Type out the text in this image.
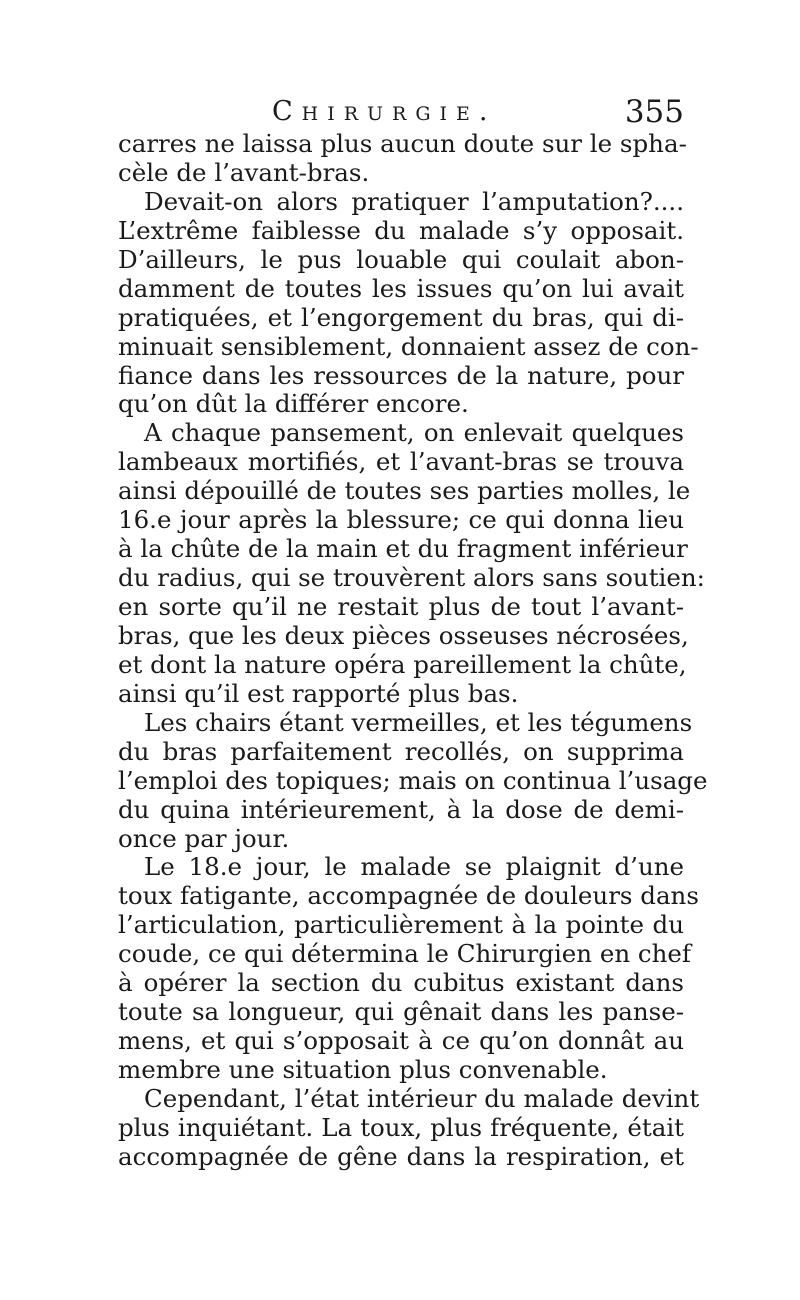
Chirurgie.	355
carres ne laissa plus aucun doute sur le spha-
cèle de l’avant-bras.
Devait-on alors pratiquer l’amputation?....
L’extrême faiblesse du malade s’y opposait.
D’ailleurs, le pus louable qui coulait abon-
damment de toutes les issues qu’on lui avait
pratiquées, et l’engorgement du bras, qui di-
minuait sensiblement, donnaient assez de con-
fiance dans les ressources de la nature, pour
qu’on dût la différer encore.
A chaque pansement, on enlevait quelques
lambeaux mortifiés, et l’avant-bras se trouva
ainsi dépouillé de toutes ses parties molles, le
16.e jour après la blessure; ce qui donna lieu
à la chûte de la main et du fragment inférieur
du radius, qui se trouvèrent alors sans soutien:
en sorte qu’il ne restait plus de tout l’avant-
bras, que les deux pièces osseuses nécrosées,
et dont la nature opéra pareillement la chûte,
ainsi qu’il est rapporté plus bas.
Les chairs étant vermeilles, et les tégumens
du bras parfaitement recollés, on supprima
l’emploi des topiques; mais on continua l’usage
du quina intérieurement, à la dose de demi-
once par jour.
Le 18.e jour, le malade se plaignit d’une
toux fatigante, accompagnée de douleurs dans
l’articulation, particulièrement à la pointe du
coude, ce qui détermina le Chirurgien en chef
à opérer la section du cubitus existant dans
toute sa longueur, qui gênait dans les panse-
mens, et qui s’opposait à ce qu’on donnât au
membre une situation plus convenable.
Cependant, l’état intérieur du malade devint
plus inquiétant. La toux, plus fréquente, était
accompagnée de gêne dans la respiration, et
